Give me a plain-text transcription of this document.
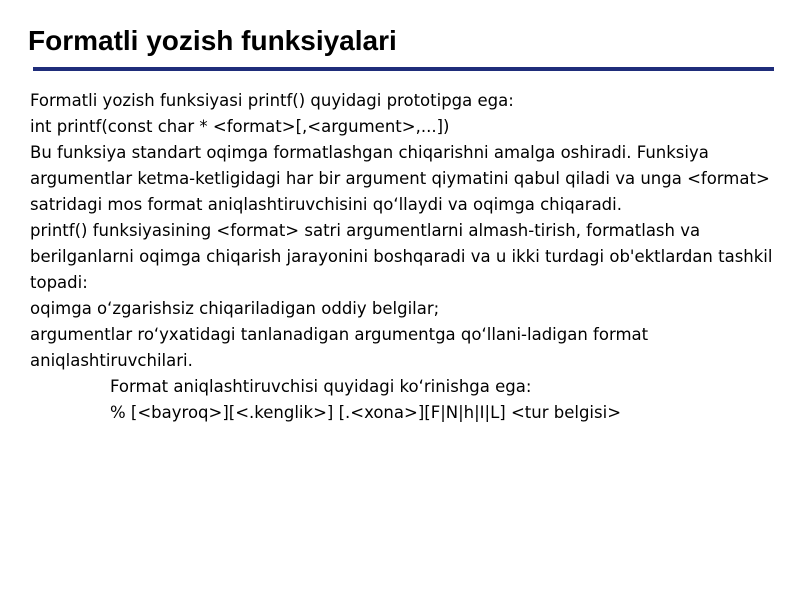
Formatli yozish funksiyalari

Formatli yozish funksiyasi printf() quyidagi prototipga ega:

int printf(const char * <format>[,<argument>,...])

Bu funksiya standart oqimga formatlashgan chiqarishni amalga oshiradi. Funksiya argumentlar ketma-ketligidagi har bir argument qiymatini qabul qiladi va unga <format> satridagi mos format aniqlashtiruvchisini qo‘llaydi va oqimga chiqaradi.

printf() funksiyasining <format> satri argumentlarni almash-tirish, formatlash va berilganlarni oqimga chiqarish jarayonini boshqaradi va u ikki turdagi ob'ektlardan tashkil topadi:

oqimga o‘zgarishsiz chiqariladigan oddiy belgilar;

argumentlar ro‘yxatidagi tanlanadigan argumentga qo‘llani-ladigan format aniqlashtiruvchilari.

Format aniqlashtiruvchisi quyidagi ko‘rinishga ega:

% [<bayroq>][<.kenglik>] [.<xona>][F|N|h|I|L] <tur belgisi>
